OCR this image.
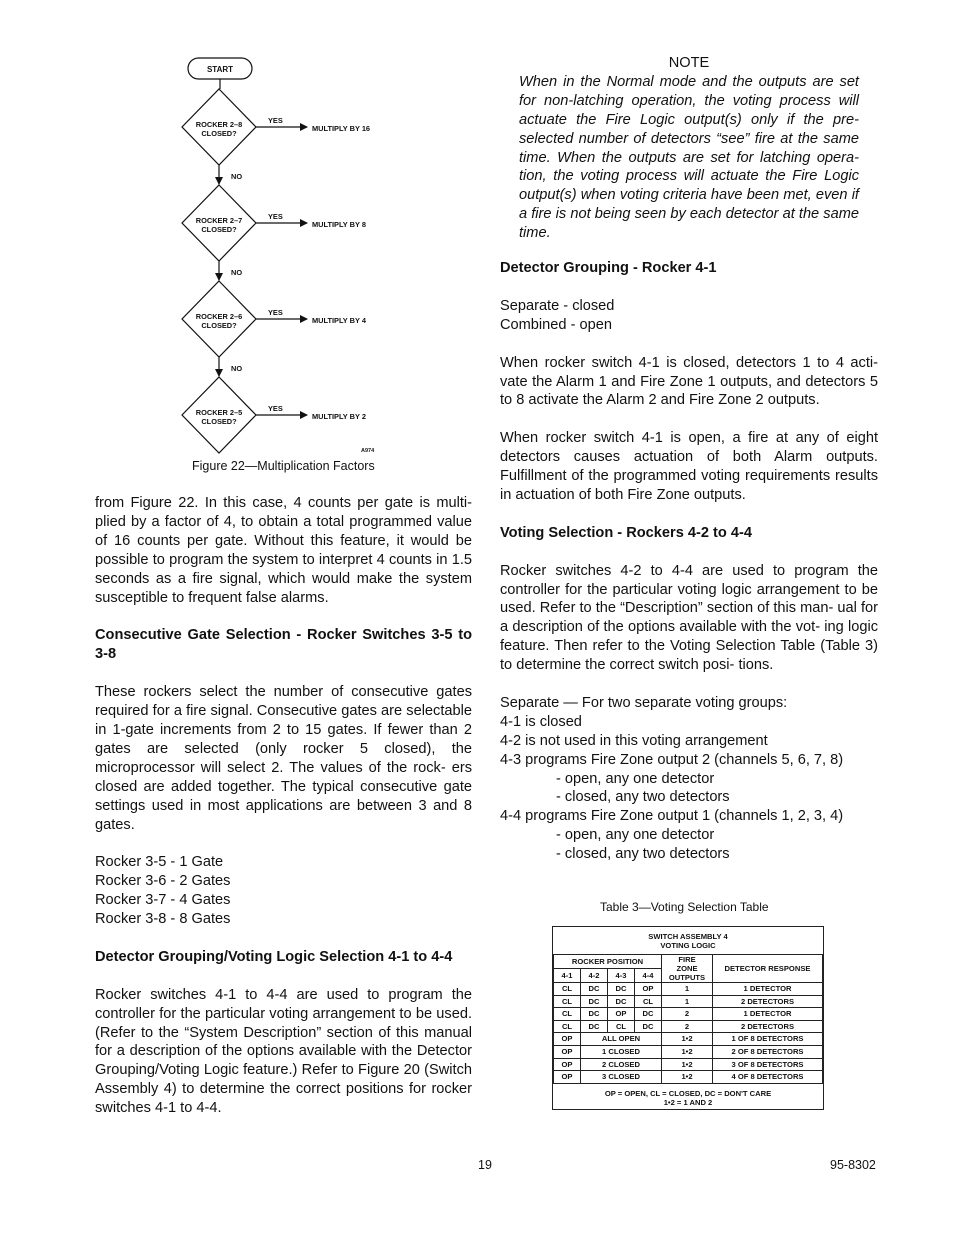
START
ROCKER 2–8
CLOSED?
YES
MULTIPLY BY 16
NO
ROCKER 2–7
CLOSED?
YES
MULTIPLY BY 8
NO
ROCKER 2–6
CLOSED?
YES
MULTIPLY BY 4
NO
ROCKER 2–5
CLOSED?
YES
MULTIPLY BY 2
A974
Figure 22—Multiplication Factors

from Figure 22. In this case, 4 counts per gate is multi- plied by a factor of 4, to obtain a total programmed value of 16 counts per gate. Without this feature, it would be possible to program the system to interpret 4 counts in 1.5 seconds as a fire signal, which would make the system susceptible to frequent false alarms.

Consecutive Gate Selection - Rocker Switches 3-5 to 3-8

These rockers select the number of consecutive gates required for a fire signal. Consecutive gates are selectable in 1-gate increments from 2 to 15 gates. If fewer than 2 gates are selected (only rocker 5 closed), the microprocessor will select 2. The values of the rock- ers closed are added together. The typical consecutive gate settings used in most applications are between 3 and 8 gates.

Rocker 3-5 - 1 Gate

Rocker 3-6 - 2 Gates

Rocker 3-7 - 4 Gates

Rocker 3-8 - 8 Gates

Detector Grouping/Voting Logic Selection 4-1 to 4-4

Rocker switches 4-1 to 4-4 are used to program the controller for the particular voting arrangement to be used. (Refer to the “System Description” section of this manual for a description of the options available with the Detector Grouping/Voting Logic feature.) Refer to Figure 20 (Switch Assembly 4) to determine the correct positions for rocker switches 4-1 to 4-4.

NOTE

When in the Normal mode and the outputs are set for non-latching operation, the voting process will actuate the Fire Logic output(s) only if the pre- selected number of detectors “see” fire at the same time. When the outputs are set for latching opera- tion, the voting process will actuate the Fire Logic output(s) when voting criteria have been met, even if a fire is not being seen by each detector at the same time.

Detector Grouping - Rocker 4-1

Separate - closed

Combined - open

When rocker switch 4-1 is closed, detectors 1 to 4 acti- vate the Alarm 1 and Fire Zone 1 outputs, and detectors 5 to 8 activate the Alarm 2 and Fire Zone 2 outputs.

When rocker switch 4-1 is open, a fire at any of eight detectors causes actuation of both Alarm outputs. Fulfillment of the programmed voting requirements results in actuation of both Fire Zone outputs.

Voting Selection - Rockers 4-2 to 4-4

Rocker switches 4-2 to 4-4 are used to program the controller for the particular voting logic arrangement to be used. Refer to the “Description” section of this man- ual for a description of the options available with the vot- ing logic feature. Then refer to the Voting Selection Table (Table 3) to determine the correct switch posi- tions.

Separate — For two separate voting groups:

4-1 is closed

4-2 is not used in this voting arrangement

4-3 programs Fire Zone output 2 (channels 5, 6, 7, 8)

- open, any one detector

- closed, any two detectors

4-4 programs Fire Zone output 1 (channels 1, 2, 3, 4)

- open, any one detector

- closed, any two detectors

Table 3—Voting Selection Table
SWITCH ASSEMBLY 4
VOTING LOGIC					
ROCKER POSITION				FIRE
ZONE
OUTPUTS	DETECTOR RESPONSE
4-1	4-2	4-3	4-4		
CL	DC	DC	OP	1	1 DETECTOR
CL	DC	DC	CL	1	2 DETECTORS
CL	DC	OP	DC	2	1 DETECTOR
CL	DC	CL	DC	2	2 DETECTORS
OP	ALL OPEN			1•2	1 OF 8 DETECTORS
OP	1 CLOSED			1•2	2 OF 8 DETECTORS
OP	2 CLOSED			1•2	3 OF 8 DETECTORS
OP	3 CLOSED			1•2	4 OF 8 DETECTORS
OP = OPEN, CL = CLOSED, DC = DON'T CARE
1•2 = 1 AND 2					
19	95-8302
